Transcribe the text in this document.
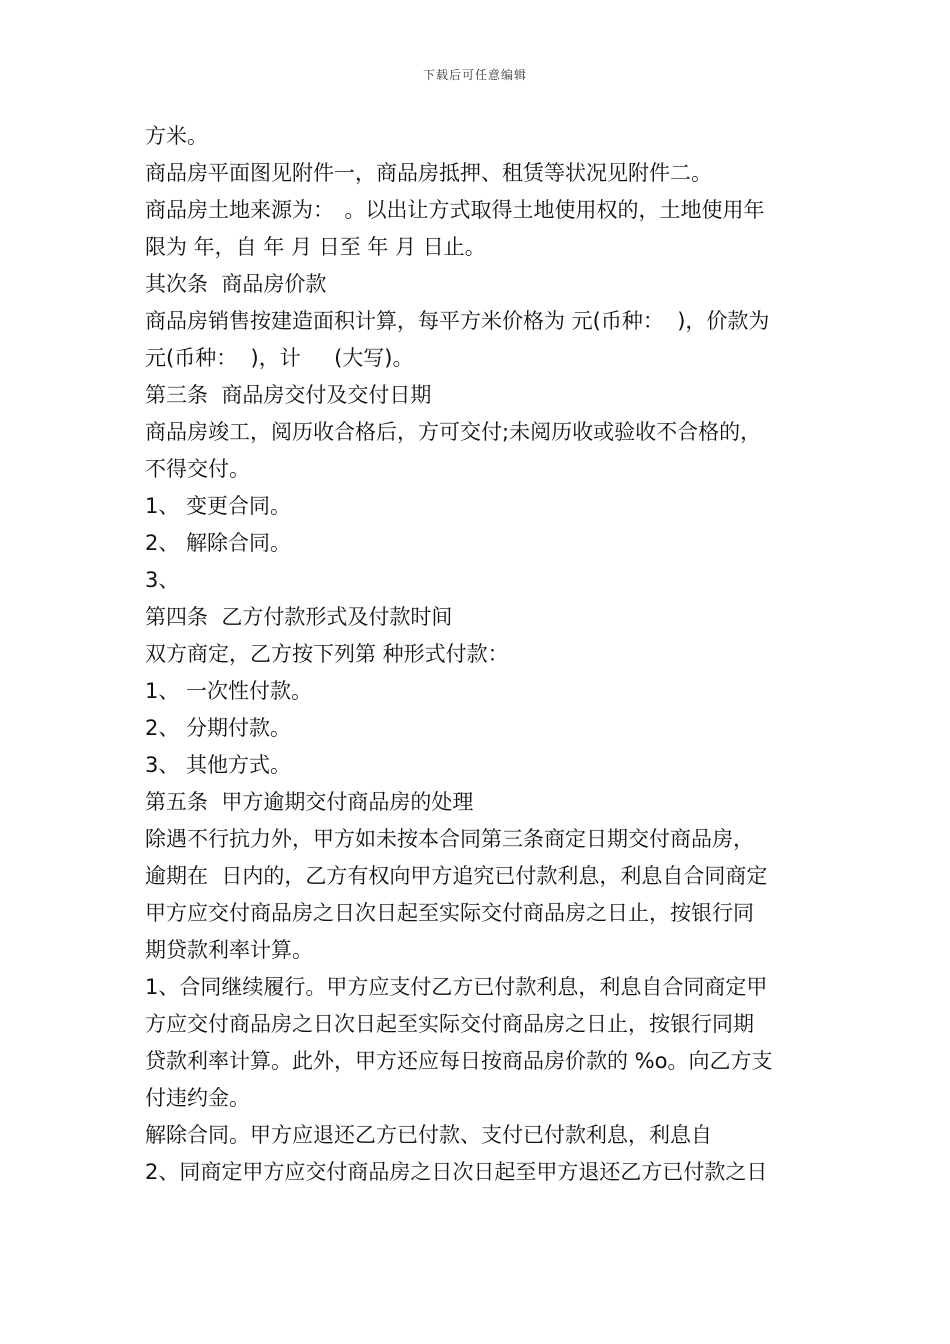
下载后可任意编辑
方米。
商品房平面图见附件一，商品房抵押、租赁等状况见附件二。
商品房土地来源为：　。以出让方式取得土地使用权的，土地使用年
限为 年，自 年 月 日至 年 月 日止。
其次条  商品房价款
商品房销售按建造面积计算，每平方米价格为 元(币种：  )，价款为
元(币种：  )，计     (大写)。
第三条  商品房交付及交付日期
商品房竣工，阅历收合格后，方可交付;未阅历收或验收不合格的，
不得交付。
1、 变更合同。
2、 解除合同。
3、
第四条  乙方付款形式及付款时间
双方商定，乙方按下列第 种形式付款：
1、 一次性付款。
2、 分期付款。
3、 其他方式。
第五条  甲方逾期交付商品房的处理
除遇不行抗力外，甲方如未按本合同第三条商定日期交付商品房，
逾期在  日内的，乙方有权向甲方追究已付款利息，利息自合同商定
甲方应交付商品房之日次日起至实际交付商品房之日止，按银行同
期贷款利率计算。
1、合同继续履行。甲方应支付乙方已付款利息，利息自合同商定甲
方应交付商品房之日次日起至实际交付商品房之日止，按银行同期
贷款利率计算。此外，甲方还应每日按商品房价款的 %o。向乙方支
付违约金。
解除合同。甲方应退还乙方已付款、支付已付款利息，利息自
2、同商定甲方应交付商品房之日次日起至甲方退还乙方已付款之日
